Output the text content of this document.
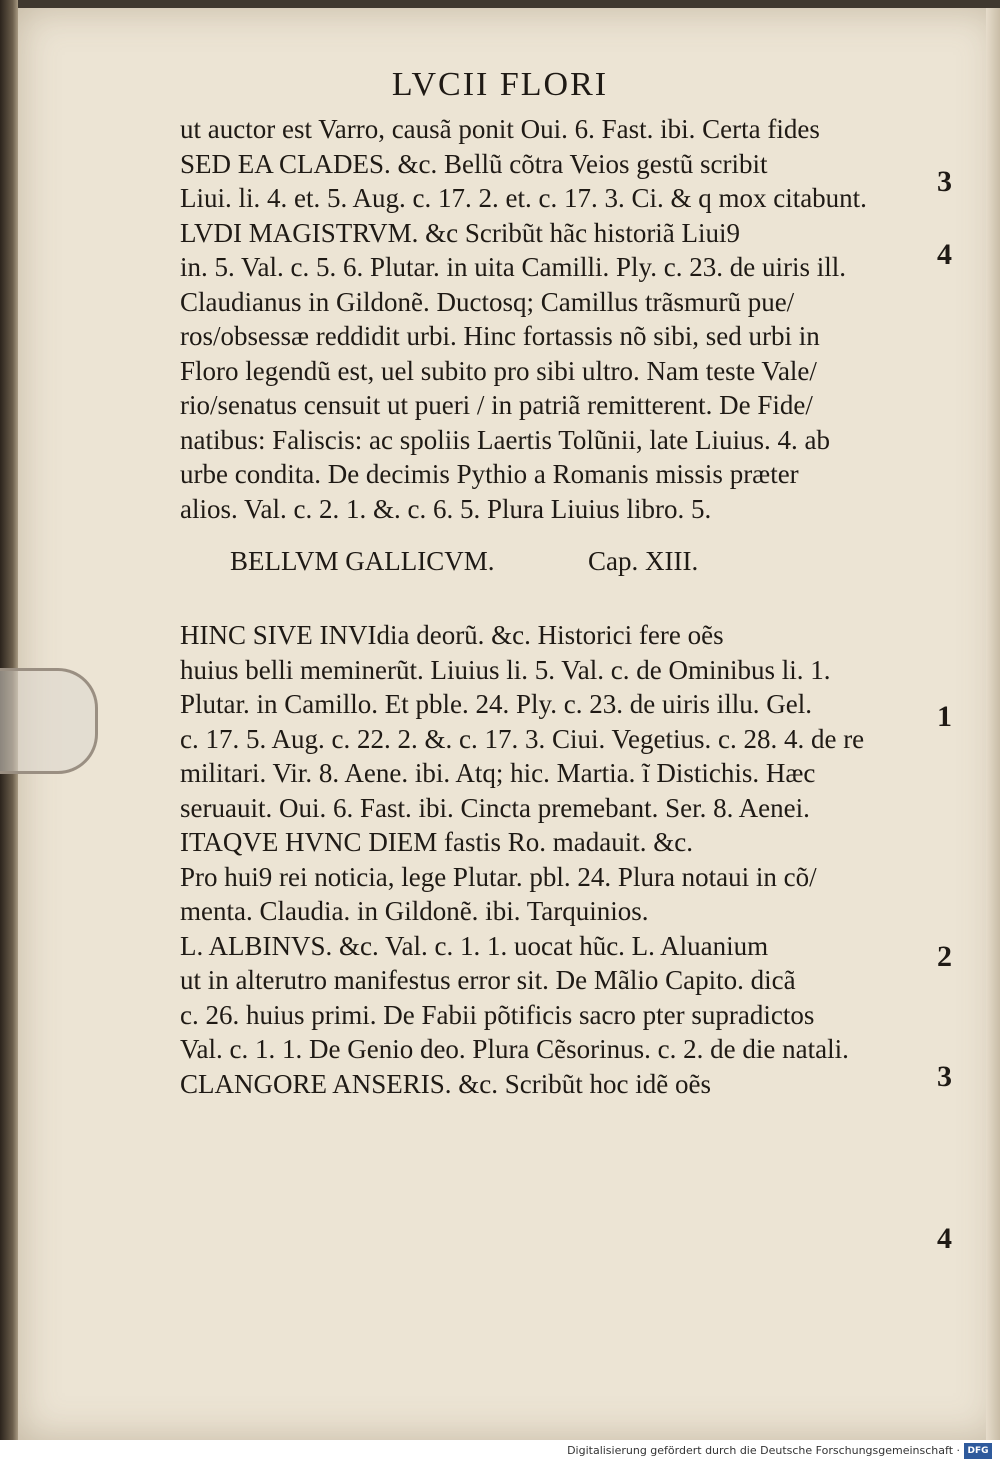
LVCII FLORI
ut auctor est Varro, causã ponit Oui. 6. Fast. ibi. Certa fides
SED EA CLADES. &c. Bellũ cõtra Veios gestũ scribit
Liui. li. 4. et. 5. Aug. c. 17. 2. et. c. 17. 3. Ci. & q mox citabunt.
LVDI MAGISTRVM. &c Scribũt hãc historiã Liui9
in. 5. Val. c. 5. 6. Plutar. in uita Camilli. Ply. c. 23. de uiris ill.
Claudianus in Gildonẽ. Ductosq; Camillus trãsmurũ pue/
ros/obsessæ reddidit urbi. Hinc fortassis nõ sibi, sed urbi in
Floro legendũ est, uel subito pro sibi ultro. Nam teste Vale/
rio/senatus censuit ut pueri / in patriã remitterent. De Fide/
natibus: Faliscis: ac spoliis Laertis Tolũnii, late Liuius. 4. ab
urbe condita. De decimis Pythio a Romanis missis præter
alios. Val. c. 2. 1. &. c. 6. 5. Plura Liuius libro. 5.
BELLVM GALLICVM.	Cap. XIII.
HINC SIVE INVIdia deorũ. &c. Historici fere oẽs
huius belli meminerũt. Liuius li. 5. Val. c. de Ominibus li. 1.
Plutar. in Camillo. Et pble. 24. Ply. c. 23. de uiris illu. Gel.
c. 17. 5. Aug. c. 22. 2. &. c. 17. 3. Ciui. Vegetius. c. 28. 4. de re
militari. Vir. 8. Aene. ibi. Atq; hic. Martia. ĩ Distichis. Hæc
seruauit. Oui. 6. Fast. ibi. Cincta premebant. Ser. 8. Aenei.
ITAQVE HVNC DIEM fastis Ro. madauit. &c.
Pro hui9 rei noticia, lege Plutar. pbl. 24. Plura notaui in cõ/
menta. Claudia. in Gildonẽ. ibi. Tarquinios.
L. ALBINVS. &c. Val. c. 1. 1. uocat hũc. L. Aluanium
ut in alterutro manifestus error sit. De Mãlio Capito. dicã
c. 26. huius primi. De Fabii põtificis sacro pter supradictos
Val. c. 1. 1. De Genio deo. Plura Cẽsorinus. c. 2. de die natali.
CLANGORE ANSERIS. &c. Scribũt hoc idẽ oẽs
3
4
1
2
3
4
Digitalisierung gefördert durch die Deutsche Forschungsgemeinschaft · DFG
